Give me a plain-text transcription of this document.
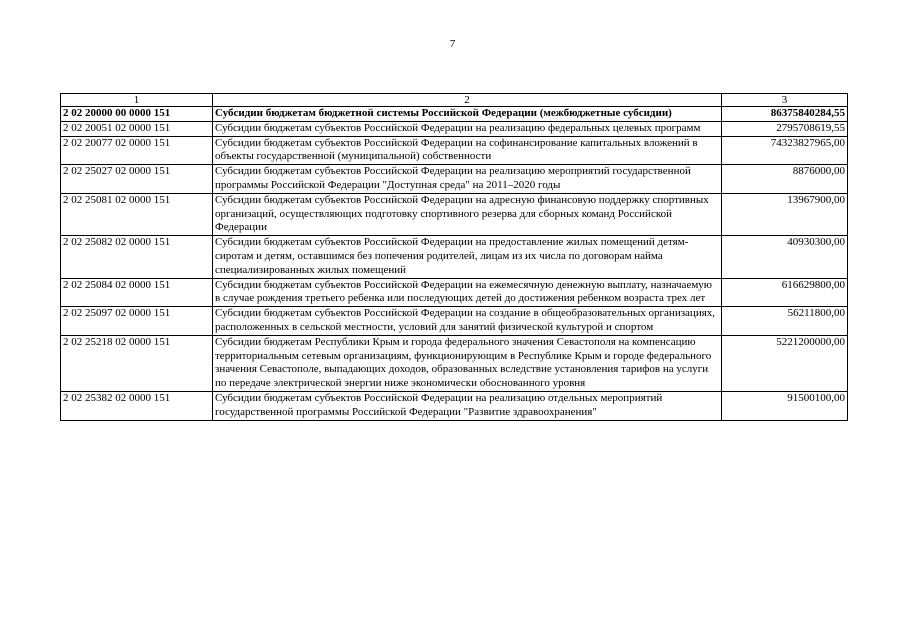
7
1	2	3
2 02 20000 00 0000 151	Субсидии бюджетам бюджетной системы Российской Федерации (межбюджетные субсидии)	86375840284,55
2 02 20051 02 0000 151	Субсидии бюджетам субъектов Российской Федерации на реализацию федеральных целевых программ	2795708619,55
2 02 20077 02 0000 151	Субсидии бюджетам субъектов Российской Федерации на софинансирование капитальных вложений в объекты государственной (муниципальной) собственности	74323827965,00
2 02 25027 02 0000 151	Субсидии бюджетам субъектов Российской Федерации на реализацию мероприятий государственной программы Российской Федерации "Доступная среда" на 2011–2020 годы	8876000,00
2 02 25081 02 0000 151	Субсидии бюджетам субъектов Российской Федерации на адресную финансовую поддержку спортивных организаций, осуществляющих подготовку спортивного резерва для сборных команд Российской Федерации	13967900,00
2 02 25082 02 0000 151	Субсидии бюджетам субъектов Российской Федерации на предоставление жилых помещений детям-сиротам и детям, оставшимся без попечения родителей, лицам из их числа по договорам найма специализированных жилых помещений	40930300,00
2 02 25084 02 0000 151	Субсидии бюджетам субъектов Российской Федерации на ежемесячную денежную выплату, назначаемую в случае рождения третьего ребенка или последующих детей до достижения ребенком возраста трех лет	616629800,00
2 02 25097 02 0000 151	Субсидии бюджетам субъектов Российской Федерации на создание в общеобразовательных организациях, расположенных в сельской местности, условий для занятий физической культурой и спортом	56211800,00
2 02 25218 02 0000 151	Субсидии бюджетам Республики Крым и города федерального значения Севастополя на компенсацию территориальным сетевым организациям, функционирующим в Республике Крым и городе федерального значения Севастополе, выпадающих доходов, образованных вследствие установления тарифов на услуги по передаче электрической энергии ниже экономически обоснованного уровня	5221200000,00
2 02 25382 02 0000 151	Субсидии бюджетам субъектов Российской Федерации на реализацию отдельных мероприятий государственной программы Российской Федерации "Развитие здравоохранения"	91500100,00
